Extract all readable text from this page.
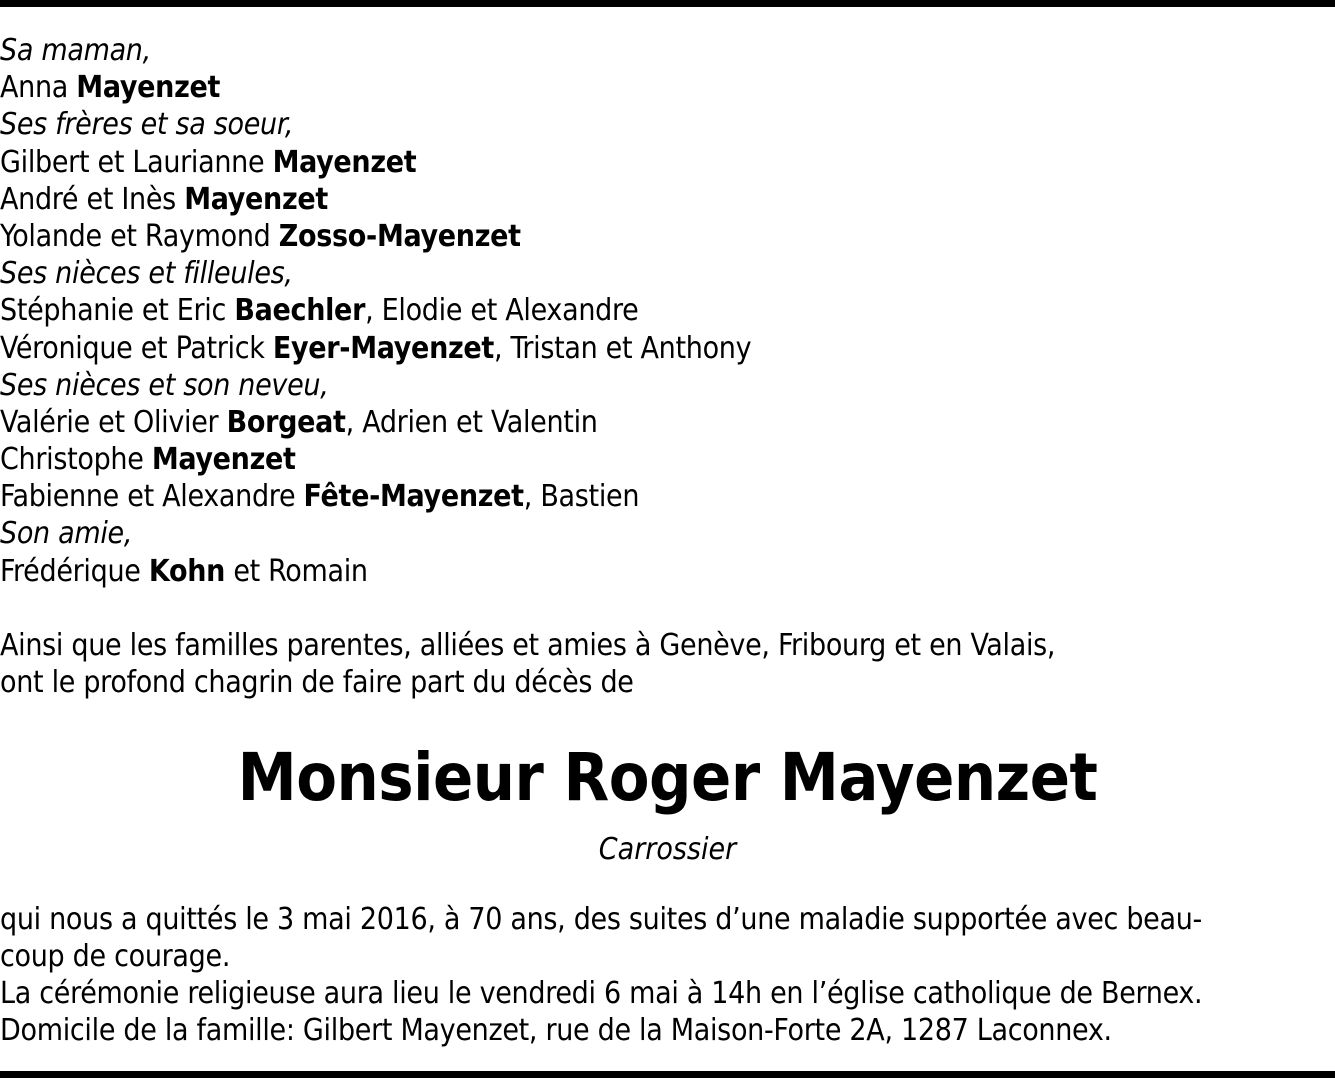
Sa maman,
Anna Mayenzet
Ses frères et sa soeur,
Gilbert et Laurianne Mayenzet
André et Inès Mayenzet
Yolande et Raymond Zosso-Mayenzet
Ses nièces et filleules,
Stéphanie et Eric Baechler, Elodie et Alexandre
Véronique et Patrick Eyer-Mayenzet, Tristan et Anthony
Ses nièces et son neveu,
Valérie et Olivier Borgeat, Adrien et Valentin
Christophe Mayenzet
Fabienne et Alexandre Fête-Mayenzet, Bastien
Son amie,
Frédérique Kohn et Romain
Ainsi que les familles parentes, alliées et amies à Genève, Fribourg et en Valais,
ont le profond chagrin de faire part du décès de
Monsieur Roger Mayenzet
Carrossier
qui nous a quittés le 3 mai 2016, à 70 ans, des suites d’une maladie supportée avec beau-
coup de courage.
La cérémonie religieuse aura lieu le vendredi 6 mai à 14h en l’église catholique de Bernex.
Domicile de la famille: Gilbert Mayenzet, rue de la Maison-Forte 2A, 1287 Laconnex.
